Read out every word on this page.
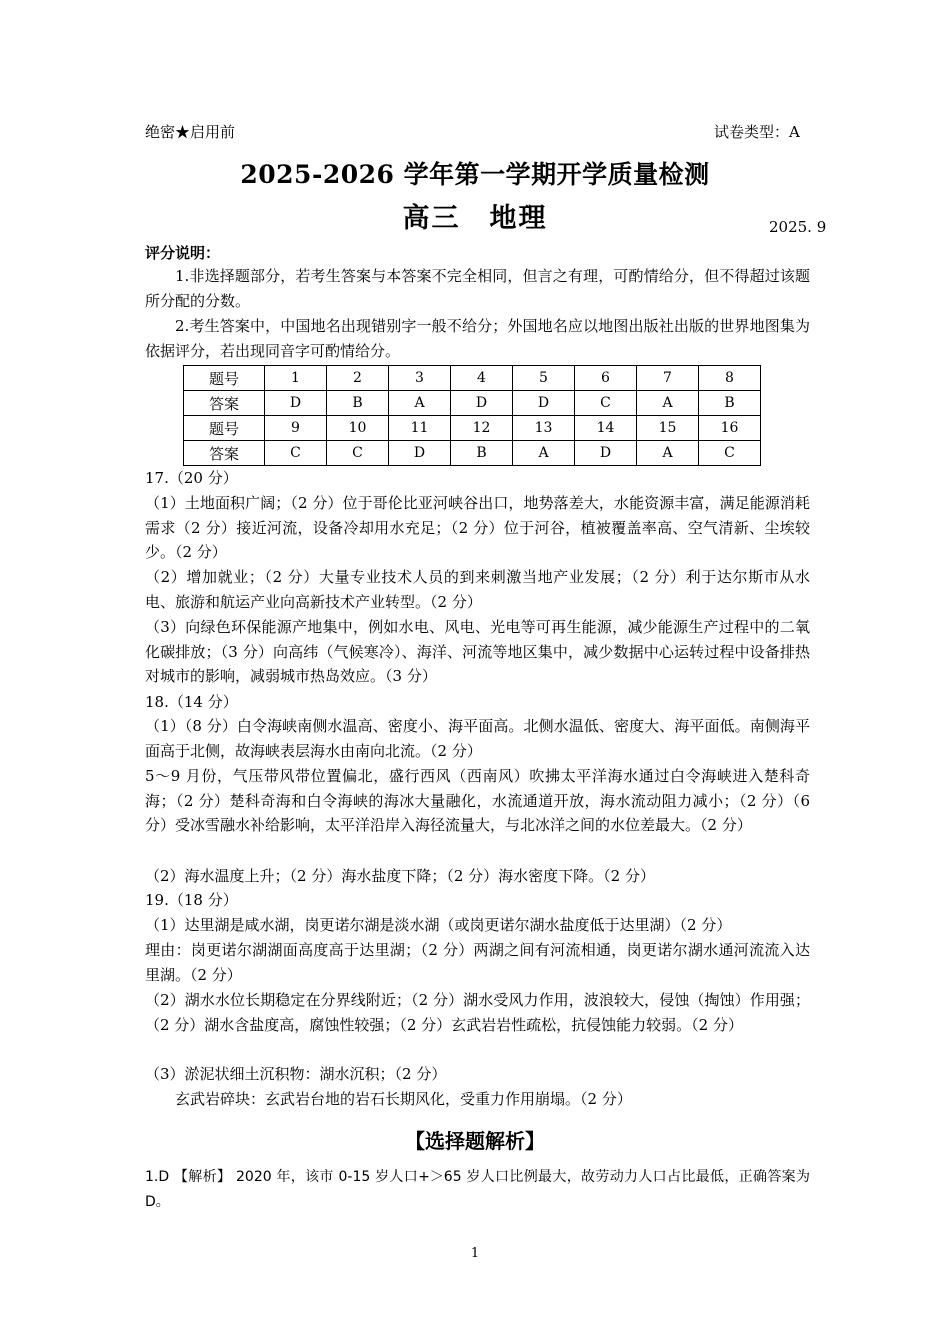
绝密★启用前	试卷类型：A
2025-2026 学年第一学期开学质量检测
高三　地理	2025. 9
评分说明：
1.非选择题部分，若考生答案与本答案不完全相同，但言之有理，可酌情给分，但不得超过该题所分配的分数。
2.考生答案中，中国地名出现错别字一般不给分；外国地名应以地图出版社出版的世界地图集为依据评分，若出现同音字可酌情给分。
题号	1	2	3	4	5	6	7	8
答案	D	B	A	D	D	C	A	B
题号	9	10	11	12	13	14	15	16
答案	C	C	D	B	A	D	A	C
17.（20 分）
（1）土地面积广阔；（2 分）位于哥伦比亚河峡谷出口，地势落差大，水能资源丰富，满足能源消耗需求（2 分）接近河流，设备冷却用水充足；（2 分）位于河谷，植被覆盖率高、空气清新、尘埃较少。（2 分）
（2）增加就业；（2 分）大量专业技术人员的到来刺激当地产业发展；（2 分）利于达尔斯市从水电、旅游和航运产业向高新技术产业转型。（2 分）
（3）向绿色环保能源产地集中，例如水电、风电、光电等可再生能源，减少能源生产过程中的二氧化碳排放；（3 分）向高纬（气候寒冷）、海洋、河流等地区集中，减少数据中心运转过程中设备排热对城市的影响，减弱城市热岛效应。（3 分）
18.（14 分）
（1）（8 分）白令海峡南侧水温高、密度小、海平面高。北侧水温低、密度大、海平面低。南侧海平面高于北侧，故海峡表层海水由南向北流。（2 分）
5～9 月份，气压带风带位置偏北，盛行西风（西南风）吹拂太平洋海水通过白令海峡进入楚科奇海；（2 分）楚科奇海和白令海峡的海冰大量融化，水流通道开放，海水流动阻力减小；（2 分）（6 分）受冰雪融水补给影响，太平洋沿岸入海径流量大，与北冰洋之间的水位差最大。（2 分）
（2）海水温度上升；（2 分）海水盐度下降；（2 分）海水密度下降。（2 分）
19.（18 分）
（1）达里湖是咸水湖，岗更诺尔湖是淡水湖（或岗更诺尔湖水盐度低于达里湖）（2 分）
理由：岗更诺尔湖湖面高度高于达里湖；（2 分）两湖之间有河流相通，岗更诺尔湖水通河流流入达里湖。（2 分）
（2）湖水水位长期稳定在分界线附近；（2 分）湖水受风力作用，波浪较大，侵蚀（掏蚀）作用强；（2 分）湖水含盐度高，腐蚀性较强；（2 分）玄武岩岩性疏松，抗侵蚀能力较弱。（2 分）
（3）淤泥状细土沉积物：湖水沉积；（2 分）
玄武岩碎块：玄武岩台地的岩石长期风化，受重力作用崩塌。（2 分）
【选择题解析】
1.D 【解析】 2020 年，该市 0-15 岁人口+＞65 岁人口比例最大，故劳动力人口占比最低，正确答案为 D。
1
